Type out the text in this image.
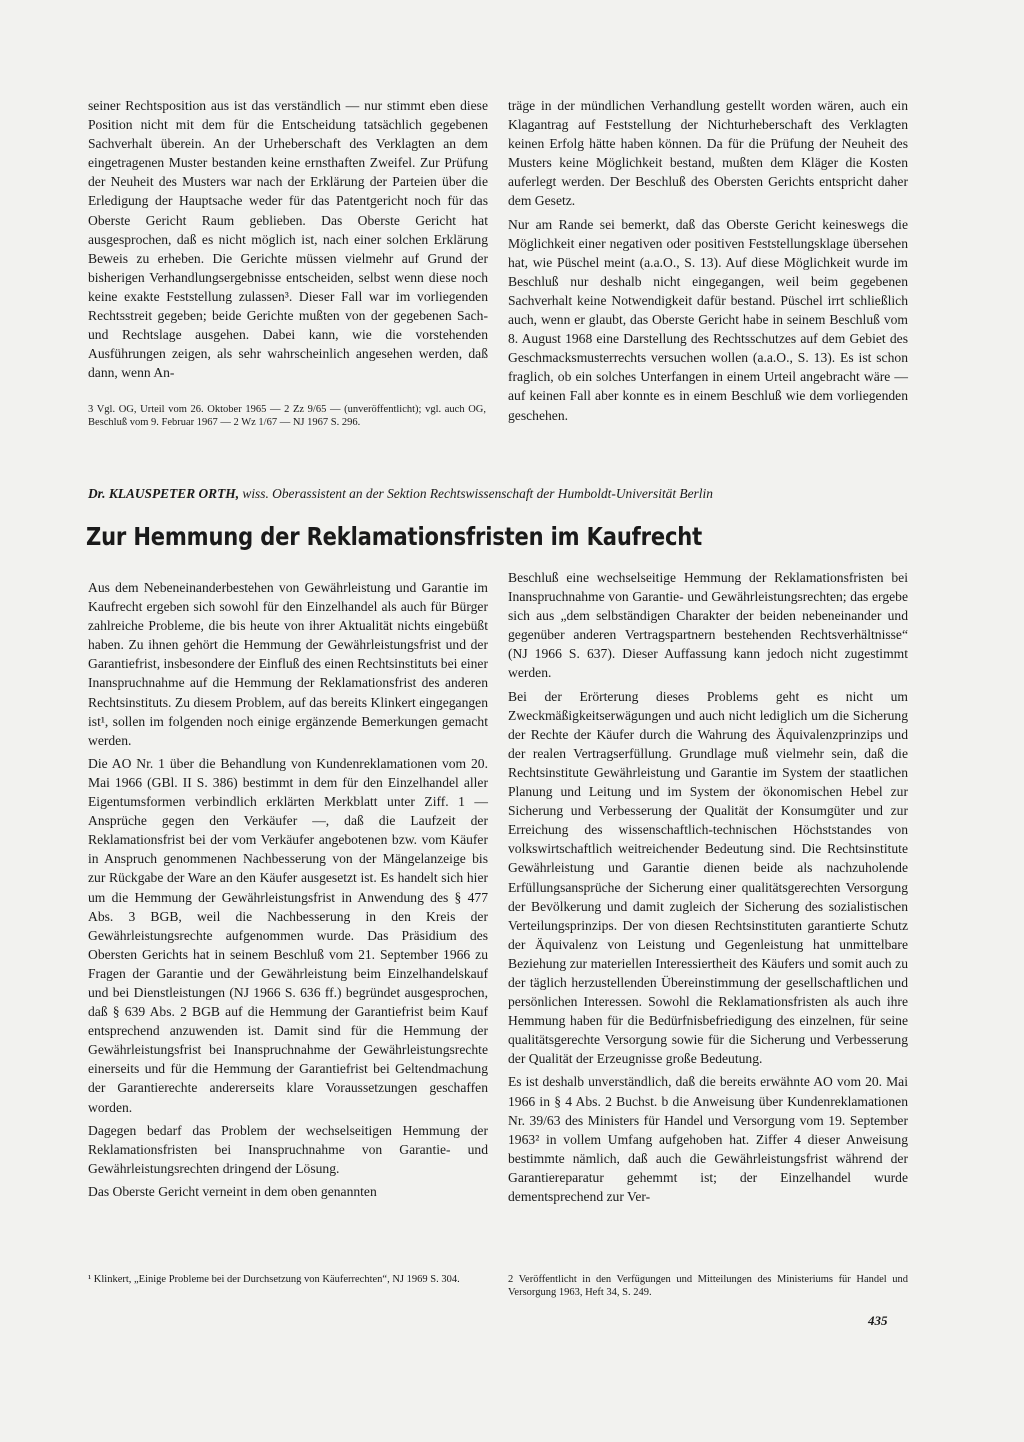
seiner Rechtsposition aus ist das verständlich — nur stimmt eben diese Position nicht mit dem für die Entscheidung tatsächlich gegebenen Sachverhalt überein. An der Urheberschaft des Verklagten an dem eingetragenen Muster bestanden keine ernsthaften Zweifel. Zur Prüfung der Neuheit des Musters war nach der Erklärung der Parteien über die Erledigung der Hauptsache weder für das Patentgericht noch für das Oberste Gericht Raum geblieben. Das Oberste Gericht hat ausgesprochen, daß es nicht möglich ist, nach einer solchen Erklärung Beweis zu erheben. Die Gerichte müssen vielmehr auf Grund der bisherigen Verhandlungsergebnisse entscheiden, selbst wenn diese noch keine exakte Feststellung zulassen³. Dieser Fall war im vorliegenden Rechtsstreit gegeben; beide Gerichte mußten von der gegebenen Sach- und Rechtslage ausgehen. Dabei kann, wie die vorstehenden Ausführungen zeigen, als sehr wahrscheinlich angesehen werden, daß dann, wenn An-

träge in der mündlichen Verhandlung gestellt worden wären, auch ein Klagantrag auf Feststellung der Nichturheberschaft des Verklagten keinen Erfolg hätte haben können. Da für die Prüfung der Neuheit des Musters keine Möglichkeit bestand, mußten dem Kläger die Kosten auferlegt werden. Der Beschluß des Obersten Gerichts entspricht daher dem Gesetz.

Nur am Rande sei bemerkt, daß das Oberste Gericht keineswegs die Möglichkeit einer negativen oder positiven Feststellungsklage übersehen hat, wie Püschel meint (a.a.O., S. 13). Auf diese Möglichkeit wurde im Beschluß nur deshalb nicht eingegangen, weil beim gegebenen Sachverhalt keine Notwendigkeit dafür bestand. Püschel irrt schließlich auch, wenn er glaubt, das Oberste Gericht habe in seinem Beschluß vom 8. August 1968 eine Darstellung des Rechtsschutzes auf dem Gebiet des Geschmacksmusterrechts versuchen wollen (a.a.O., S. 13). Es ist schon fraglich, ob ein solches Unterfangen in einem Urteil angebracht wäre — auf keinen Fall aber konnte es in einem Beschluß wie dem vorliegenden geschehen.

3 Vgl. OG, Urteil vom 26. Oktober 1965 — 2 Zz 9/65 — (unveröffentlicht); vgl. auch OG, Beschluß vom 9. Februar 1967 — 2 Wz 1/67 — NJ 1967 S. 296.

Dr. KLAUSPETER ORTH, wiss. Oberassistent an der Sektion Rechtswissenschaft der Humboldt-Universität Berlin
Zur Hemmung der Reklamationsfristen im Kaufrecht

Aus dem Nebeneinanderbestehen von Gewährleistung und Garantie im Kaufrecht ergeben sich sowohl für den Einzelhandel als auch für Bürger zahlreiche Probleme, die bis heute von ihrer Aktualität nichts eingebüßt haben. Zu ihnen gehört die Hemmung der Gewährleistungsfrist und der Garantiefrist, insbesondere der Einfluß des einen Rechtsinstituts bei einer Inanspruchnahme auf die Hemmung der Reklamationsfrist des anderen Rechtsinstituts. Zu diesem Problem, auf das bereits Klinkert eingegangen ist¹, sollen im folgenden noch einige ergänzende Bemerkungen gemacht werden.

Die AO Nr. 1 über die Behandlung von Kundenreklamationen vom 20. Mai 1966 (GBl. II S. 386) bestimmt in dem für den Einzelhandel aller Eigentumsformen verbindlich erklärten Merkblatt unter Ziff. 1 — Ansprüche gegen den Verkäufer —, daß die Laufzeit der Reklamationsfrist bei der vom Verkäufer angebotenen bzw. vom Käufer in Anspruch genommenen Nachbesserung von der Mängelanzeige bis zur Rückgabe der Ware an den Käufer ausgesetzt ist. Es handelt sich hier um die Hemmung der Gewährleistungsfrist in Anwendung des § 477 Abs. 3 BGB, weil die Nachbesserung in den Kreis der Gewährleistungsrechte aufgenommen wurde. Das Präsidium des Obersten Gerichts hat in seinem Beschluß vom 21. September 1966 zu Fragen der Garantie und der Gewährleistung beim Einzelhandelskauf und bei Dienstleistungen (NJ 1966 S. 636 ff.) begründet ausgesprochen, daß § 639 Abs. 2 BGB auf die Hemmung der Garantiefrist beim Kauf entsprechend anzuwenden ist. Damit sind für die Hemmung der Gewährleistungsfrist bei Inanspruchnahme der Gewährleistungsrechte einerseits und für die Hemmung der Garantiefrist bei Geltendmachung der Garantierechte andererseits klare Voraussetzungen geschaffen worden.

Dagegen bedarf das Problem der wechselseitigen Hemmung der Reklamationsfristen bei Inanspruchnahme von Garantie- und Gewährleistungsrechten dringend der Lösung.

Das Oberste Gericht verneint in dem oben genannten

Beschluß eine wechselseitige Hemmung der Reklamationsfristen bei Inanspruchnahme von Garantie- und Gewährleistungsrechten; das ergebe sich aus „dem selbständigen Charakter der beiden nebeneinander und gegenüber anderen Vertragspartnern bestehenden Rechtsverhältnisse“ (NJ 1966 S. 637). Dieser Auffassung kann jedoch nicht zugestimmt werden.

Bei der Erörterung dieses Problems geht es nicht um Zweckmäßigkeitserwägungen und auch nicht lediglich um die Sicherung der Rechte der Käufer durch die Wahrung des Äquivalenzprinzips und der realen Vertragserfüllung. Grundlage muß vielmehr sein, daß die Rechtsinstitute Gewährleistung und Garantie im System der staatlichen Planung und Leitung und im System der ökonomischen Hebel zur Sicherung und Verbesserung der Qualität der Konsumgüter und zur Erreichung des wissenschaftlich-technischen Höchststandes von volkswirtschaftlich weitreichender Bedeutung sind. Die Rechtsinstitute Gewährleistung und Garantie dienen beide als nachzuholende Erfüllungsansprüche der Sicherung einer qualitätsgerechten Versorgung der Bevölkerung und damit zugleich der Sicherung des sozialistischen Verteilungsprinzips. Der von diesen Rechtsinstituten garantierte Schutz der Äquivalenz von Leistung und Gegenleistung hat unmittelbare Beziehung zur materiellen Interessiertheit des Käufers und somit auch zu der täglich herzustellenden Übereinstimmung der gesellschaftlichen und persönlichen Interessen. Sowohl die Reklamationsfristen als auch ihre Hemmung haben für die Bedürfnisbefriedigung des einzelnen, für seine qualitätsgerechte Versorgung sowie für die Sicherung und Verbesserung der Qualität der Erzeugnisse große Bedeutung.

Es ist deshalb unverständlich, daß die bereits erwähnte AO vom 20. Mai 1966 in § 4 Abs. 2 Buchst. b die Anweisung über Kundenreklamationen Nr. 39/63 des Ministers für Handel und Versorgung vom 19. September 1963² in vollem Umfang aufgehoben hat. Ziffer 4 dieser Anweisung bestimmte nämlich, daß auch die Gewährleistungsfrist während der Garantiereparatur gehemmt ist; der Einzelhandel wurde dementsprechend zur Ver-

¹ Klinkert, „Einige Probleme bei der Durchsetzung von Käuferrechten“, NJ 1969 S. 304.	2 Veröffentlicht in den Verfügungen und Mitteilungen des Ministeriums für Handel und Versorgung 1963, Heft 34, S. 249.

435
